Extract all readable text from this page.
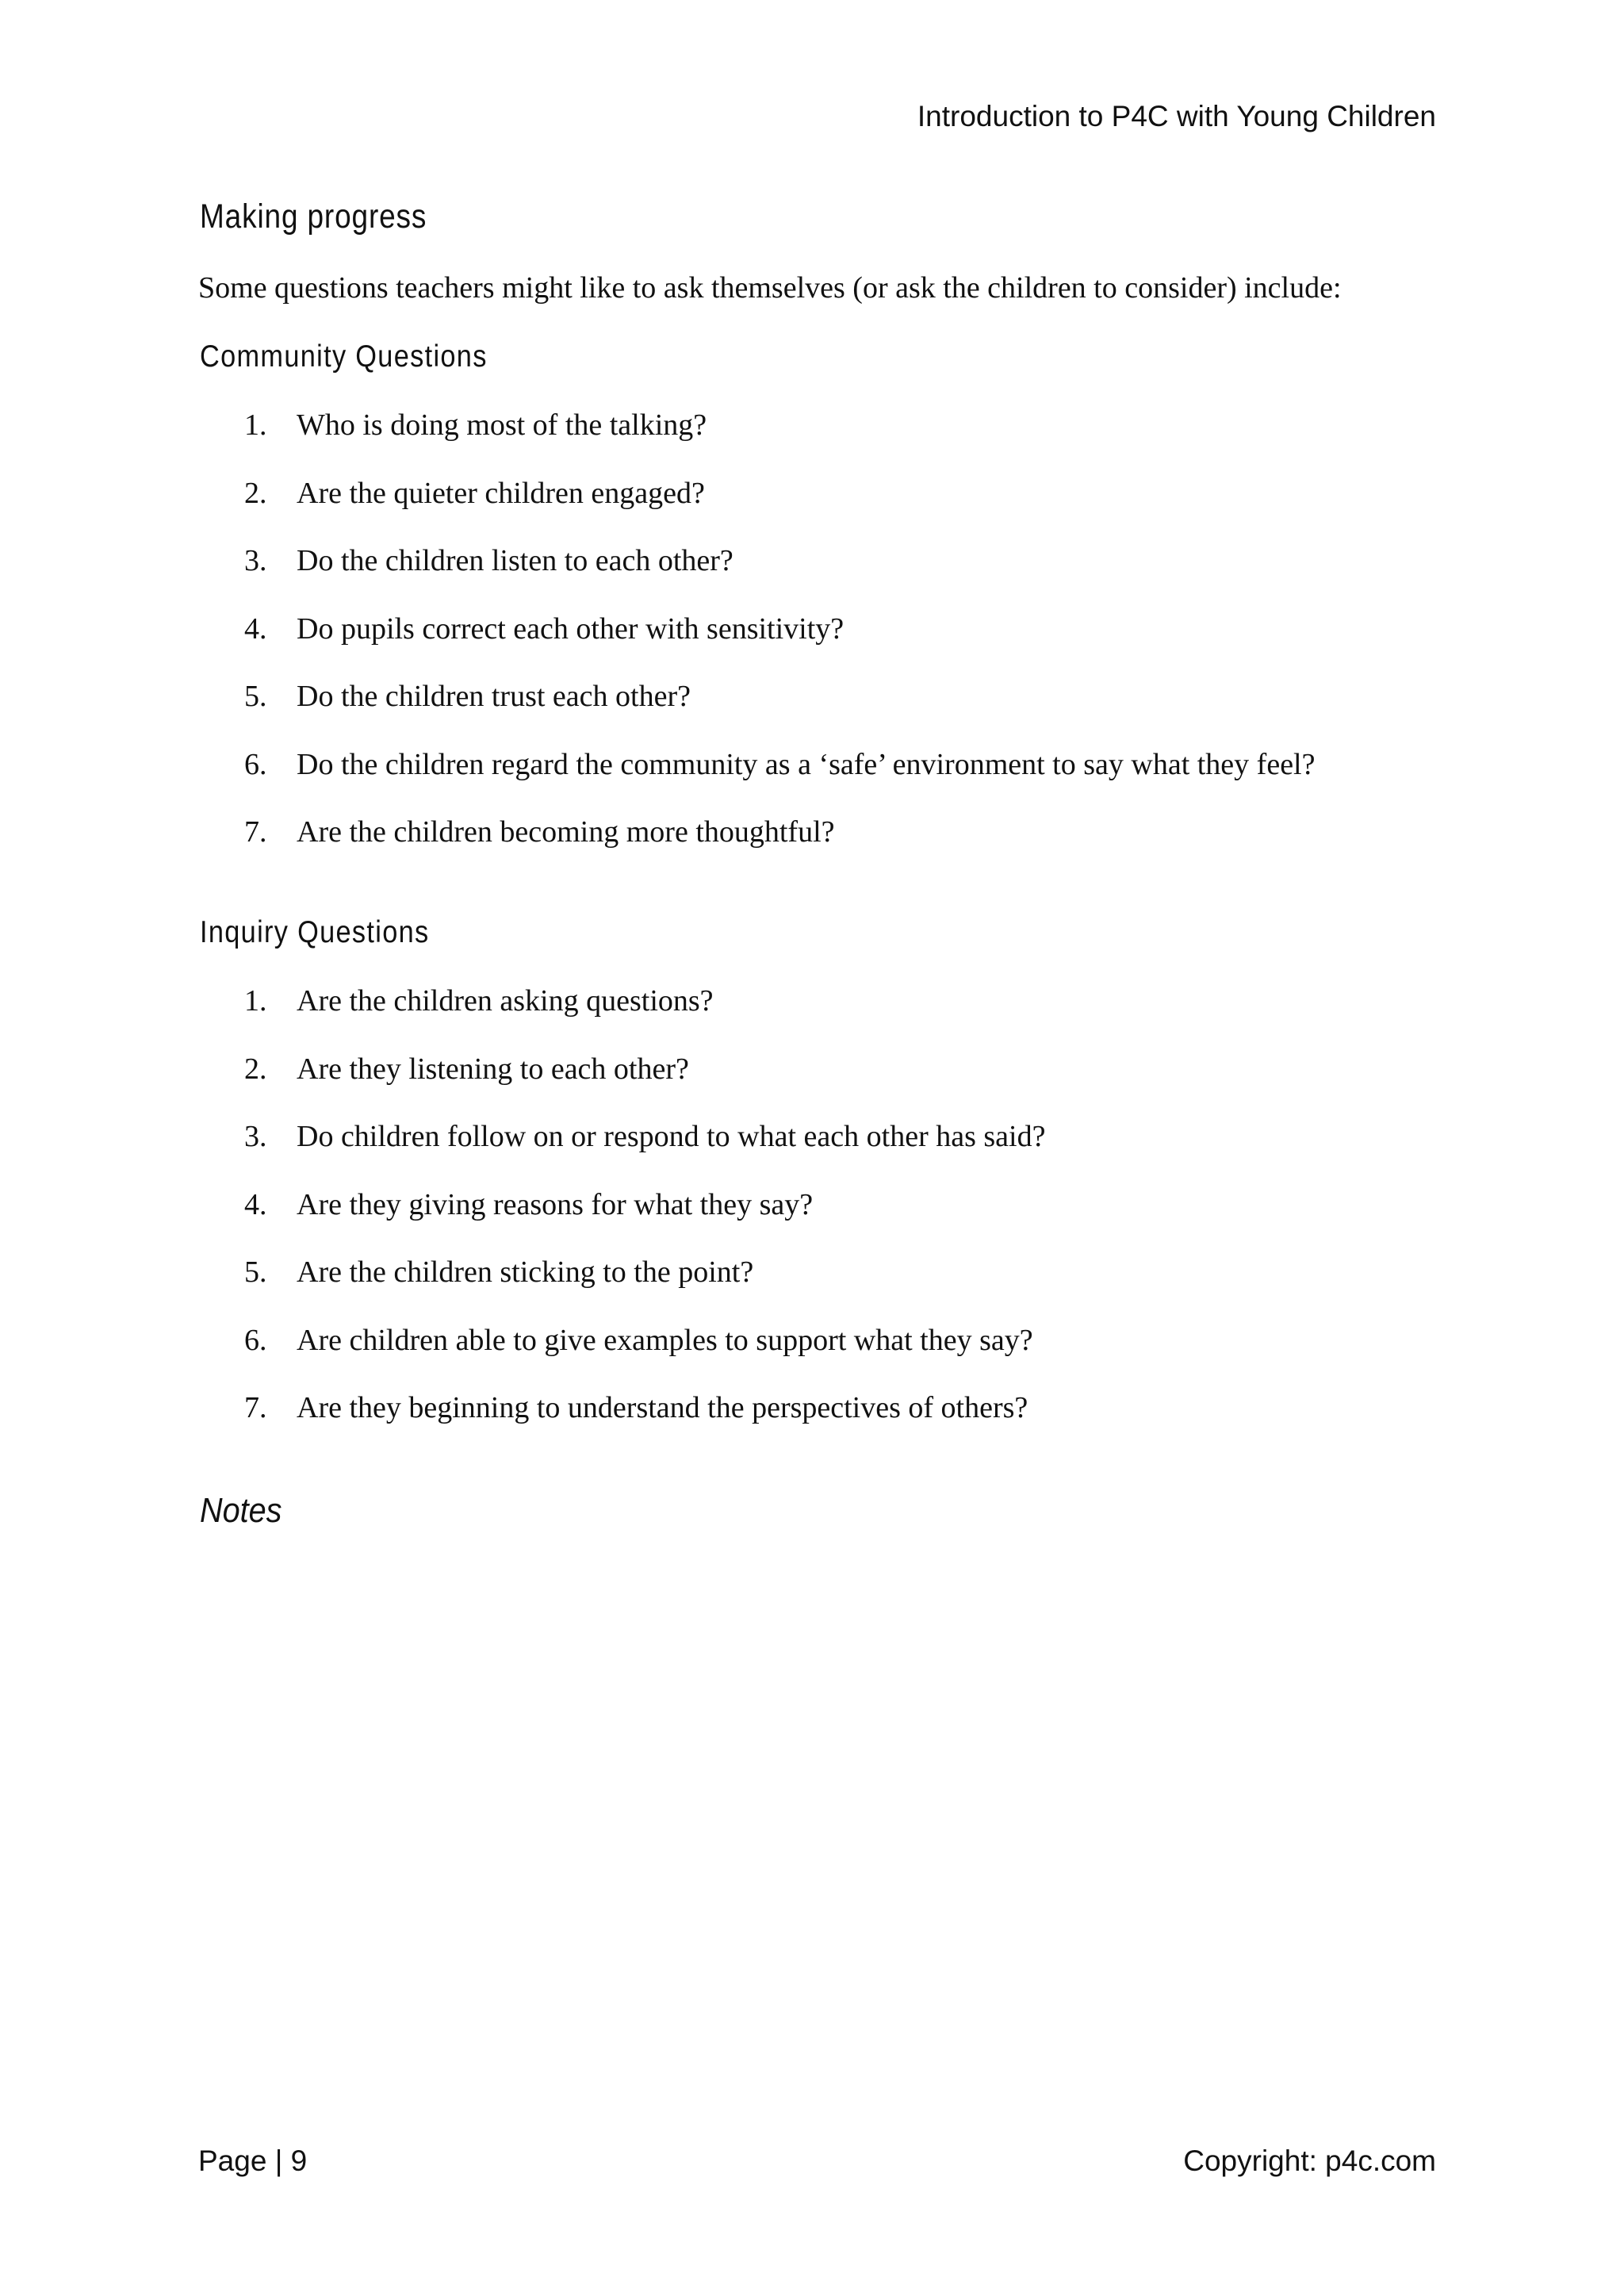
Introduction to P4C with Young Children
Making progress
Some questions teachers might like to ask themselves (or ask the children to consider) include:
Community Questions
1. Who is doing most of the talking?
2. Are the quieter children engaged?
3. Do the children listen to each other?
4. Do pupils correct each other with sensitivity?
5. Do the children trust each other?
6. Do the children regard the community as a ‘safe’ environment to say what they feel?
7. Are the children becoming more thoughtful?
Inquiry Questions
1. Are the children asking questions?
2. Are they listening to each other?
3. Do children follow on or respond to what each other has said?
4. Are they giving reasons for what they say?
5. Are the children sticking to the point?
6. Are children able to give examples to support what they say?
7. Are they beginning to understand the perspectives of others?
Notes
Page | 9	Copyright: p4c.com
